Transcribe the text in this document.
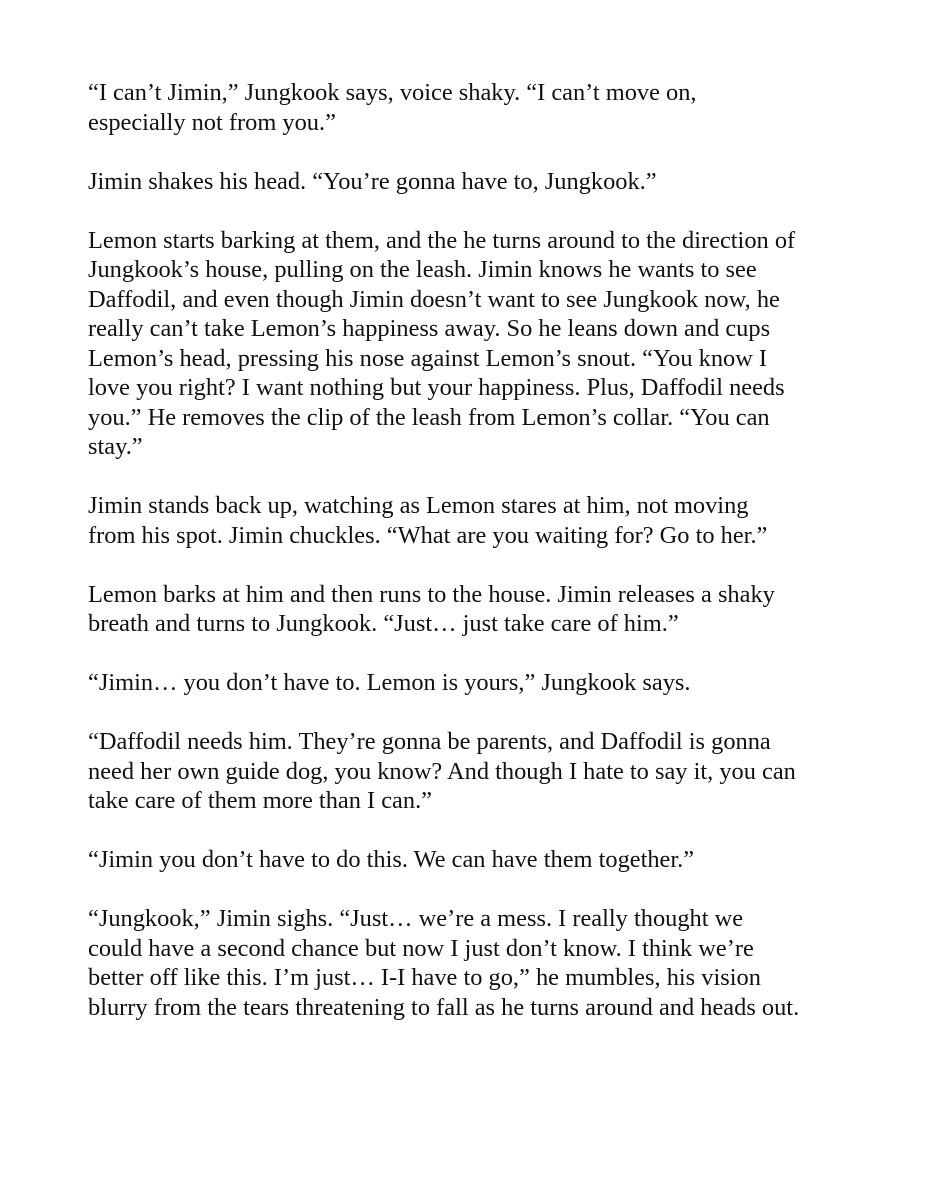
“I can’t Jimin,” Jungkook says, voice shaky. “I can’t move on,
especially not from you.”

Jimin shakes his head. “You’re gonna have to, Jungkook.”

Lemon starts barking at them, and the he turns around to the direction of
Jungkook’s house, pulling on the leash. Jimin knows he wants to see
Daffodil, and even though Jimin doesn’t want to see Jungkook now, he
really can’t take Lemon’s happiness away. So he leans down and cups
Lemon’s head, pressing his nose against Lemon’s snout. “You know I
love you right? I want nothing but your happiness. Plus, Daffodil needs
you.” He removes the clip of the leash from Lemon’s collar. “You can
stay.”

Jimin stands back up, watching as Lemon stares at him, not moving
from his spot. Jimin chuckles. “What are you waiting for? Go to her.”

Lemon barks at him and then runs to the house. Jimin releases a shaky
breath and turns to Jungkook. “Just… just take care of him.”

“Jimin… you don’t have to. Lemon is yours,” Jungkook says.

“Daffodil needs him. They’re gonna be parents, and Daffodil is gonna
need her own guide dog, you know? And though I hate to say it, you can
take care of them more than I can.”

“Jimin you don’t have to do this. We can have them together.”

“Jungkook,” Jimin sighs. “Just… we’re a mess. I really thought we
could have a second chance but now I just don’t know. I think we’re
better off like this. I’m just… I-I have to go,” he mumbles, his vision
blurry from the tears threatening to fall as he turns around and heads out.
